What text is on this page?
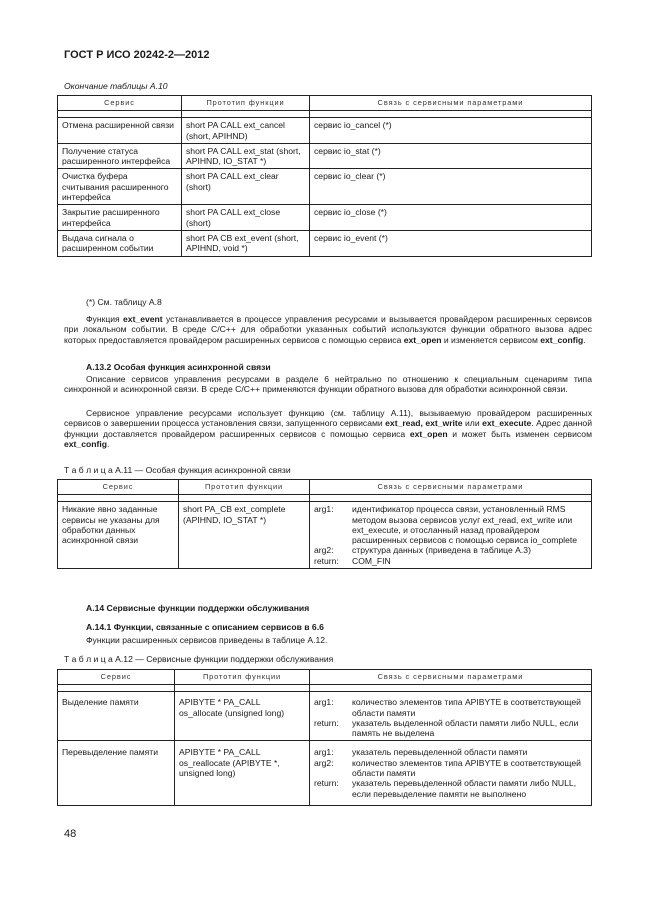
ГОСТ Р ИСО 20242-2—2012
Окончание таблицы А.10
Сервис	Прототип функции	Связь с сервисными параметрами

Отмена расширенной связи	short PA CALL ext_cancel (short, APIHND)	сервис io_cancel (*)
Получение статуса расширенного интерфейса	short PA CALL ext_stat (short, APIHND, IO_STAT *)	сервис io_stat (*)
Очистка буфера считывания расширенного интерфейса	short PA CALL ext_clear (short)	сервис io_clear (*)
Закрытие расширенного интерфейса	short PA CALL ext_close (short)	сервис io_close (*)
Выдача сигнала о расширенном событии	short PA CB ext_event (short, APIHND, void *)	сервис io_event (*)
(*) См. таблицу А.8
Функция ext_event устанавливается в процессе управления ресурсами и вызывается провайдером расширенных сервисов при локальном событии. В среде С/С++ для обработки указанных событий используются функции обратного вызова адрес которых предоставляется провайдером расширенных сервисов с помощью сервиса ext_open и изменяется сервисом ext_config.
А.13.2 Особая функция асинхронной связи
Описание сервисов управления ресурсами в разделе 6 нейтрально по отношению к специальным сценариям типа синхронной и асинхронной связи. В среде С/С++ применяются функции обратного вызова для обработки асинхронной связи.
Сервисное управление ресурсами использует функцию (см. таблицу А.11), вызываемую провайдером расширенных сервисов о завершении процесса установления связи, запущенного сервисами ext_read, ext_write или ext_execute. Адрес данной функции доставляется провайдером расширенных сервисов с помощью сервиса ext_open и может быть изменен сервисом ext_config.
Т а б л и ц а А.11 — Особая функция асинхронной связи
Сервис	Прототип функции	Связь с сервисными параметрами

Никакие явно заданные сервисы не указаны для обработки данных асинхронной связи	short PA_CB ext_complete (APIHND, IO_STAT *)	
arg1:	идентификатор процесса связи, установленный RMS методом вызова сервисов услуг ext_read, ext_write или ext_execute, и отосланный назад провайдером расширенных сервисов с помощью сервиса io_complete
arg2:	структура данных (приведена в таблице А.3)
return:	COM_FIN
А.14 Сервисные функции поддержки обслуживания
А.14.1 Функции, связанные с описанием сервисов в 6.6
Функции расширенных сервисов приведены в таблице А.12.
Т а б л и ц а А.12 — Сервисные функции поддержки обслуживания
Сервис	Прототип функции	Связь с сервисными параметрами

Выделение памяти	APIBYTE * PA_CALL os_allocate (unsigned long)	
arg1:	количество элементов типа APIBYTE в соответствующей области памяти
return:	указатель выделенной области памяти либо NULL, если память не выделена

Перевыделение памяти	APIBYTE * PA_CALL os_reallocate (APIBYTE *, unsigned long)	
arg1:	указатель перевыделенной области памяти
arg2:	количество элементов типа APIBYTE в соответствующей области памяти
return:	указатель перевыделенной области памяти либо NULL, если перевыделение памяти не выполнено
48
